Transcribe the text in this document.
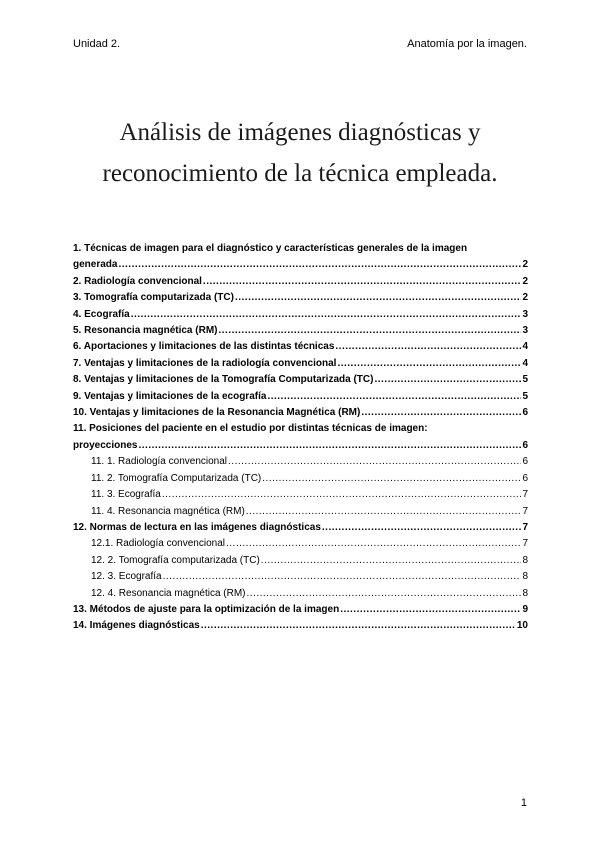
Unidad 2.	Anatomía por la imagen.
Análisis de imágenes diagnósticas y
reconocimiento de la técnica empleada.
1. Técnicas de imagen para el diagnóstico y características generales de la imagen
generada .....	2
2. Radiología convencional .....	2
3. Tomografía computarizada (TC) .....	2
4. Ecografía .....	3
5. Resonancia magnética (RM) .....	3
6. Aportaciones y limitaciones de las distintas técnicas .....	4
7. Ventajas y limitaciones de la radiología convencional .....	4
8. Ventajas y limitaciones de la Tomografía Computarizada (TC) .....	5
9. Ventajas y limitaciones de la ecografía .....	5
10. Ventajas y limitaciones de la Resonancia Magnética (RM) .....	6
11. Posiciones del paciente en el estudio por distintas técnicas de imagen:
proyecciones .....	6
11. 1. Radiología convencional .....	6
11. 2. Tomografía Computarizada (TC) .....	6
11. 3. Ecografía .....	7
11. 4. Resonancia magnética (RM) .....	7
12. Normas de lectura en las imágenes diagnósticas .....	7
12.1. Radiología convencional .....	7
12. 2. Tomografía computarizada (TC) .....	8
12. 3. Ecografía .....	8
12. 4. Resonancia magnética (RM) .....	8
13. Métodos de ajuste para la optimización de la imagen .....	9
14. Imágenes diagnósticas .....	10
1
